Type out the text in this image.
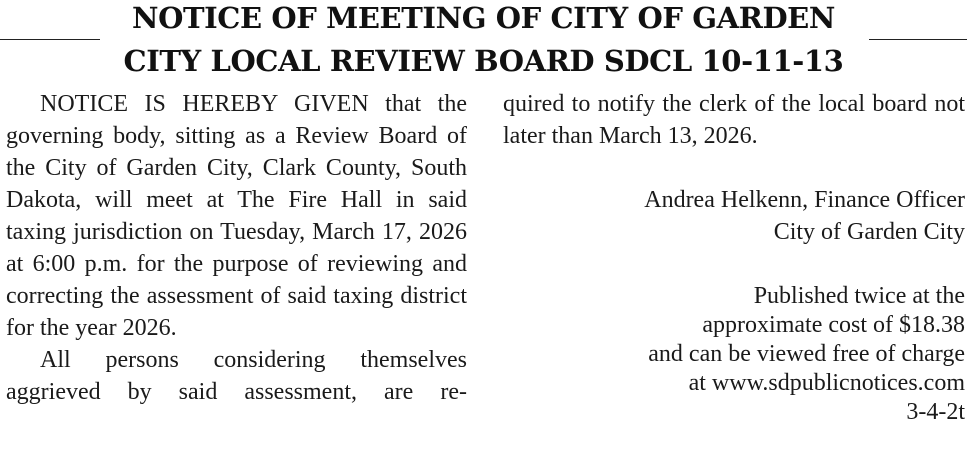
NOTICE OF MEETING OF CITY OF GARDEN
CITY LOCAL REVIEW BOARD SDCL 10-11-13

NOTICE IS HEREBY GIVEN that the governing body, sitting as a Review Board of the City of Garden City, Clark County, South Dakota, will meet at The Fire Hall in said taxing jurisdiction on Tuesday, March 17, 2026 at 6:00 p.m. for the purpose of reviewing and correcting the assessment of said taxing district for the year 2026.

All persons considering themselves aggrieved by said assessment, are re-

quired to notify the clerk of the local board not later than March 13, 2026.

Andrea Helkenn, Finance Officer
City of Garden City
Published twice at the
approximate cost of $18.38
and can be viewed free of charge
at www.sdpublicnotices.com
3-4-2t
